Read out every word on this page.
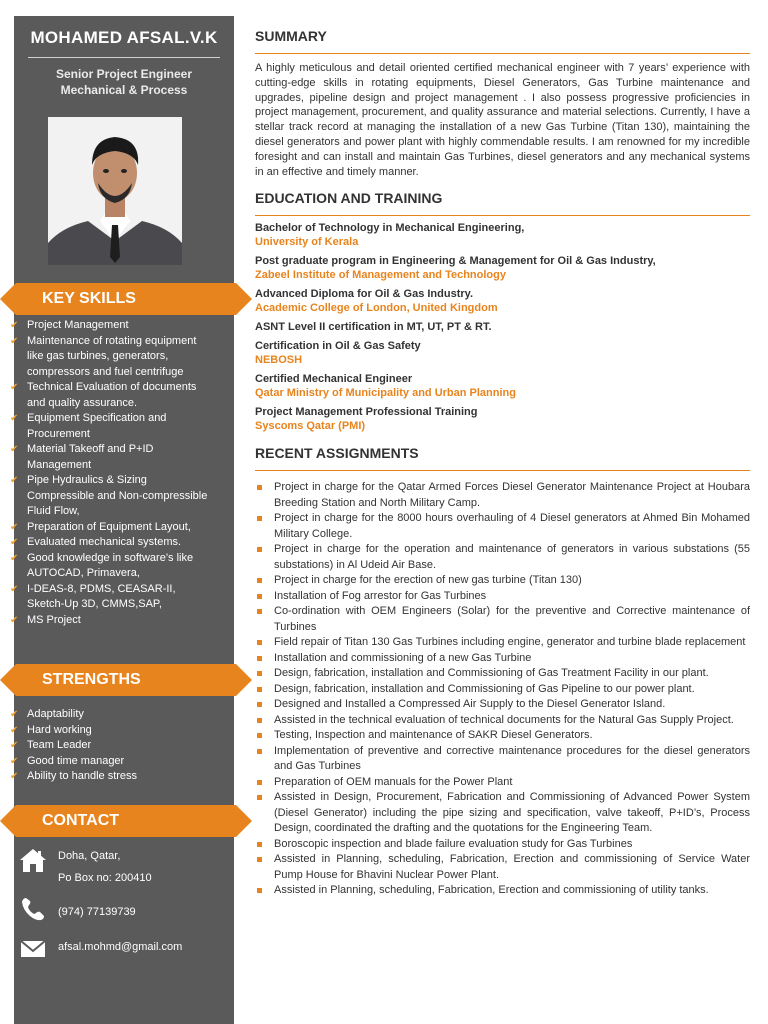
MOHAMED AFSAL.V.K
Senior Project Engineer
Mechanical & Process
KEY SKILLS
✔ Project Management
✔ Maintenance of rotating equipment like gas turbines, generators, compressors and fuel centrifuge
✔ Technical Evaluation of documents and quality assurance.
✔ Equipment Specification and Procurement
✔ Material Takeoff and P+ID Management
✔ Pipe Hydraulics & Sizing Compressible and Non-compressible Fluid Flow,
✔ Preparation of Equipment Layout,
✔ Evaluated mechanical systems.
✔ Good knowledge in software’s like AUTOCAD, Primavera,
✔ I-DEAS-8, PDMS, CEASAR-II, Sketch-Up 3D, CMMS,SAP,
✔ MS Project
STRENGTHS
✔ Adaptability
✔ Hard working
✔ Team Leader
✔ Good time manager
✔ Ability to handle stress
CONTACT
Doha, Qatar,
Po Box no: 200410
(974) 77139739
afsal.mohmd@gmail.com
SUMMARY

A highly meticulous and detail oriented certified mechanical engineer with 7 years’ experience with cutting-edge skills in rotating equipments, Diesel Generators, Gas Turbine maintenance and upgrades, pipeline design and project management . I also possess progressive proficiencies in project management, procurement, and quality assurance and material selections. Currently, I have a stellar track record at managing the installation of a new Gas Turbine (Titan 130), maintaining the diesel generators and power plant with highly commendable results. I am renowned for my incredible foresight and can install and maintain Gas Turbines, diesel generators and any mechanical systems in an effective and timely manner.

EDUCATION AND TRAINING
Bachelor of Technology in Mechanical Engineering,
University of Kerala
Post graduate program in Engineering & Management for Oil & Gas Industry,
Zabeel Institute of Management and Technology
Advanced Diploma for Oil & Gas Industry.
Academic College of London, United Kingdom
ASNT Level II certification in MT, UT, PT & RT.
Certification in Oil & Gas Safety
NEBOSH
Certified Mechanical Engineer
Qatar Ministry of Municipality and Urban Planning
Project Management Professional Training
Syscoms Qatar (PMI)
RECENT ASSIGNMENTS
Project in charge for the Qatar Armed Forces Diesel Generator Maintenance Project at Houbara Breeding Station and North Military Camp.
Project in charge for the 8000 hours overhauling of 4 Diesel generators at Ahmed Bin Mohamed Military College.
Project in charge for the operation and maintenance of generators in various substations (55 substations) in Al Udeid Air Base.
Project in charge for the erection of new gas turbine (Titan 130)
Installation of Fog arrestor for Gas Turbines
Co-ordination with OEM Engineers (Solar) for the preventive and Corrective maintenance of Turbines
Field repair of Titan 130 Gas Turbines including engine, generator and turbine blade replacement
Installation and commissioning of a new Gas Turbine
Design, fabrication, installation and Commissioning of Gas Treatment Facility in our plant.
Design, fabrication, installation and Commissioning of Gas Pipeline to our power plant.
Designed and Installed a Compressed Air Supply to the Diesel Generator Island.
Assisted in the technical evaluation of technical documents for the Natural Gas Supply Project.
Testing, Inspection and maintenance of SAKR Diesel Generators.
Implementation of preventive and corrective maintenance procedures for the diesel generators and Gas Turbines
Preparation of OEM manuals for the Power Plant
Assisted in Design, Procurement, Fabrication and Commissioning of Advanced Power System (Diesel Generator) including the pipe sizing and specification, valve takeoff, P+ID’s, Process Design, coordinated the drafting and the quotations for the Engineering Team.
Boroscopic inspection and blade failure evaluation study for Gas Turbines
Assisted in Planning, scheduling, Fabrication, Erection and commissioning of Service Water Pump House for Bhavini Nuclear Power Plant.
Assisted in Planning, scheduling, Fabrication, Erection and commissioning of utility tanks.
